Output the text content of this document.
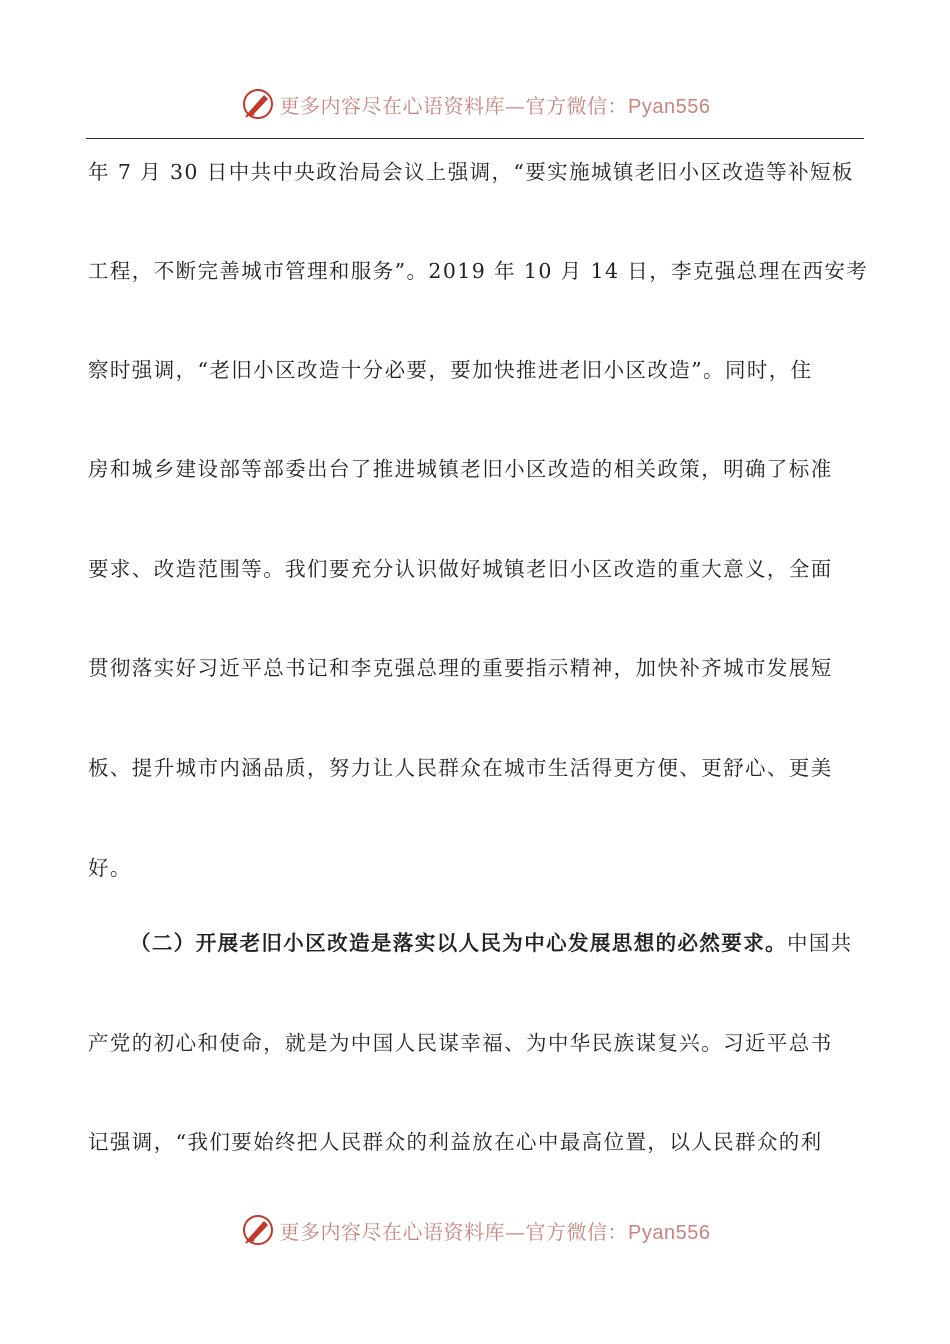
更多内容尽在心语资料库—官方微信：Pyan556
年 7 月 30 日中共中央政治局会议上强调，“要实施城镇老旧小区改造等补短板
工程，不断完善城市管理和服务”。2019 年 10 月 14 日，李克强总理在西安考
察时强调，“老旧小区改造十分必要，要加快推进老旧小区改造”。同时，住
房和城乡建设部等部委出台了推进城镇老旧小区改造的相关政策，明确了标准
要求、改造范围等。我们要充分认识做好城镇老旧小区改造的重大意义，全面
贯彻落实好习近平总书记和李克强总理的重要指示精神，加快补齐城市发展短
板、提升城市内涵品质，努力让人民群众在城市生活得更方便、更舒心、更美
好。
（二）开展老旧小区改造是落实以人民为中心发展思想的必然要求。中国共
产党的初心和使命，就是为中国人民谋幸福、为中华民族谋复兴。习近平总书
记强调，“我们要始终把人民群众的利益放在心中最高位置，以人民群众的利
更多内容尽在心语资料库—官方微信：Pyan556
